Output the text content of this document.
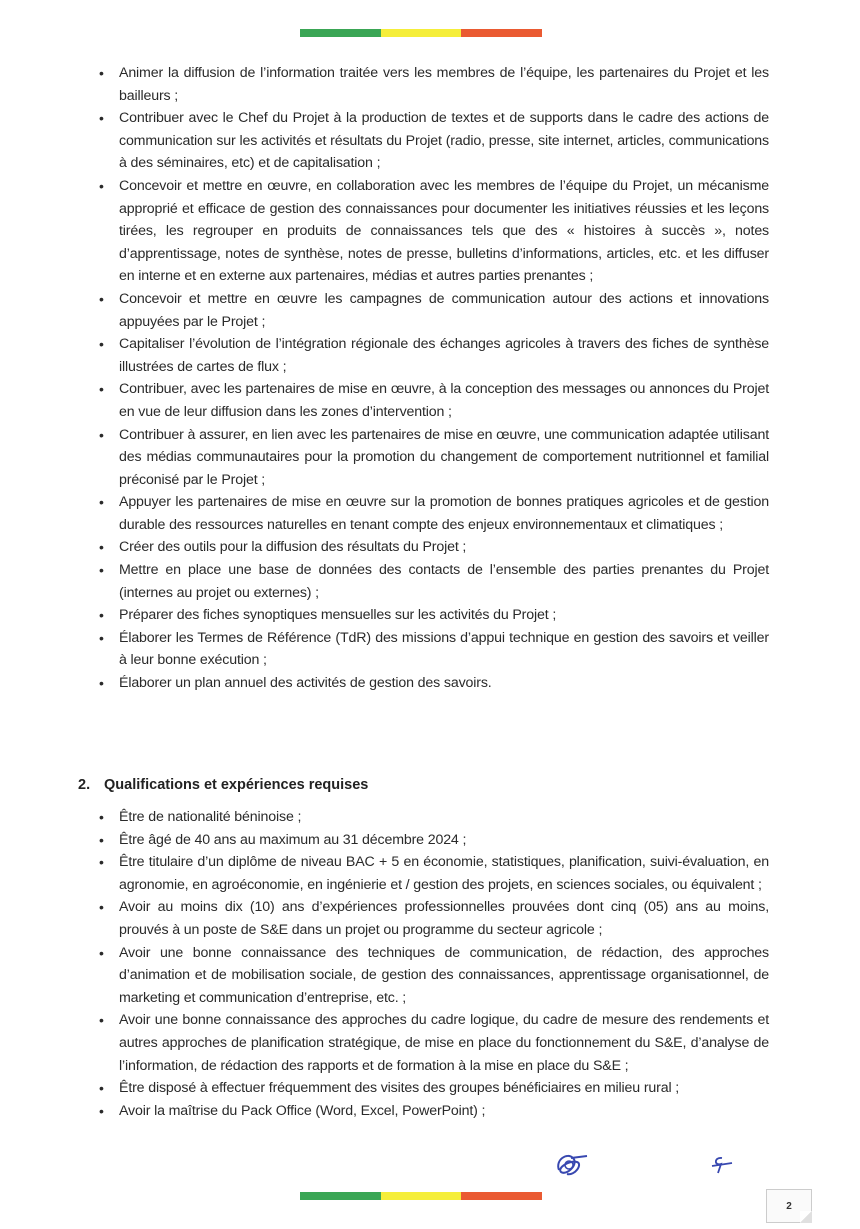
• Animer la diffusion de l’information traitée vers les membres de l’équipe, les partenaires du Projet et les bailleurs ;
• Contribuer avec le Chef du Projet à la production de textes et de supports dans le cadre des actions de communication sur les activités et résultats du Projet (radio, presse, site internet, articles, communications à des séminaires, etc) et de capitalisation ;
• Concevoir et mettre en œuvre, en collaboration avec les membres de l’équipe du Projet, un mécanisme approprié et efficace de gestion des connaissances pour documenter les initiatives réussies et les leçons tirées, les regrouper en produits de connaissances tels que des « histoires à succès », notes d’apprentissage, notes de synthèse, notes de presse, bulletins d’informations, articles, etc. et les diffuser en interne et en externe aux partenaires, médias et autres parties prenantes ;
• Concevoir et mettre en œuvre les campagnes de communication autour des actions et innovations appuyées par le Projet ;
• Capitaliser l’évolution de l’intégration régionale des échanges agricoles à travers des fiches de synthèse illustrées de cartes de flux ;
• Contribuer, avec les partenaires de mise en œuvre, à la conception des messages ou annonces du Projet en vue de leur diffusion dans les zones d’intervention ;
• Contribuer à assurer, en lien avec les partenaires de mise en œuvre, une communication adaptée utilisant des médias communautaires pour la promotion du changement de comportement nutritionnel et familial préconisé par le Projet ;
• Appuyer les partenaires de mise en œuvre sur la promotion de bonnes pratiques agricoles et de gestion durable des ressources naturelles en tenant compte des enjeux environnementaux et climatiques ;
• Créer des outils pour la diffusion des résultats du Projet ;
• Mettre en place une base de données des contacts de l’ensemble des parties prenantes du Projet (internes au projet ou externes) ;
• Préparer des fiches synoptiques mensuelles sur les activités du Projet ;
• Élaborer les Termes de Référence (TdR) des missions d’appui technique en gestion des savoirs et veiller à leur bonne exécution ;
• Élaborer un plan annuel des activités de gestion des savoirs.
2. Qualifications et expériences requises
• Être de nationalité béninoise ;
• Être âgé de 40 ans au maximum au 31 décembre 2024 ;
• Être titulaire d’un diplôme de niveau BAC + 5 en économie, statistiques, planification, suivi-évaluation, en agronomie, en agroéconomie, en ingénierie et / gestion des projets, en sciences sociales, ou équivalent ;
• Avoir au moins dix (10) ans d’expériences professionnelles prouvées dont cinq (05) ans au moins, prouvés à un poste de S&E dans un projet ou programme du secteur agricole ;
• Avoir une bonne connaissance des techniques de communication, de rédaction, des approches d’animation et de mobilisation sociale, de gestion des connaissances, apprentissage organisationnel, de marketing et communication d’entreprise, etc. ;
• Avoir une bonne connaissance des approches du cadre logique, du cadre de mesure des rendements et autres approches de planification stratégique, de mise en place du fonctionnement du S&E, d’analyse de l’information, de rédaction des rapports et de formation à la mise en place du S&E ;
• Être disposé à effectuer fréquemment des visites des groupes bénéficiaires en milieu rural ;
• Avoir la maîtrise du Pack Office (Word, Excel, PowerPoint) ;
2
